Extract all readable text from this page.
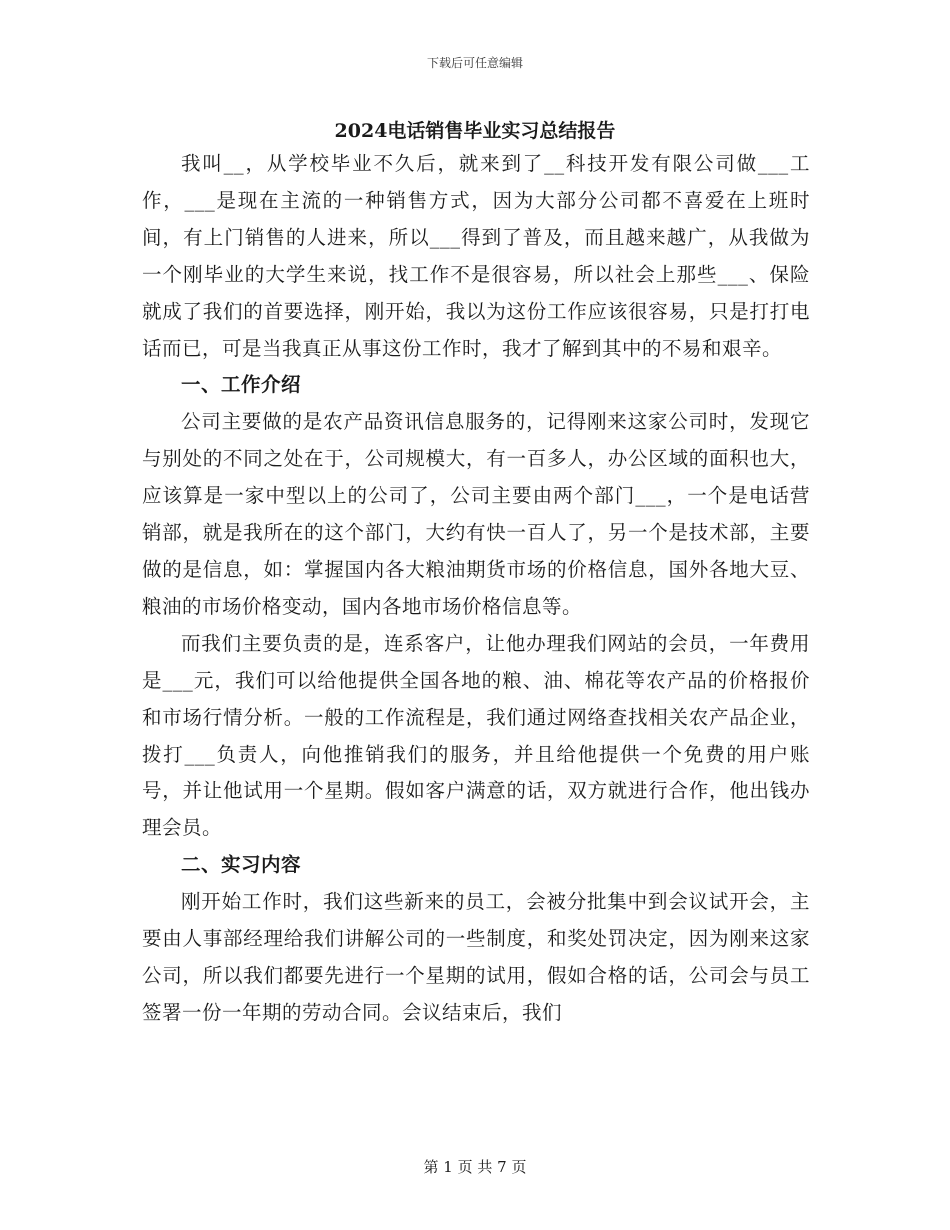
下载后可任意编辑
2024电话销售毕业实习总结报告

我叫__，从学校毕业不久后，就来到了__科技开发有限公司做___工作，___是现在主流的一种销售方式，因为大部分公司都不喜爱在上班时间，有上门销售的人进来，所以___得到了普及，而且越来越广，从我做为一个刚毕业的大学生来说，找工作不是很容易，所以社会上那些___、保险就成了我们的首要选择，刚开始，我以为这份工作应该很容易，只是打打电话而已，可是当我真正从事这份工作时，我才了解到其中的不易和艰辛。

一、工作介绍

公司主要做的是农产品资讯信息服务的，记得刚来这家公司时，发现它与别处的不同之处在于，公司规模大，有一百多人，办公区域的面积也大，应该算是一家中型以上的公司了，公司主要由两个部门___，一个是电话营销部，就是我所在的这个部门，大约有快一百人了，另一个是技术部，主要做的是信息，如：掌握国内各大粮油期货市场的价格信息，国外各地大豆、粮油的市场价格变动，国内各地市场价格信息等。

而我们主要负责的是，连系客户，让他办理我们网站的会员，一年费用是___元，我们可以给他提供全国各地的粮、油、棉花等农产品的价格报价和市场行情分析。一般的工作流程是，我们通过网络查找相关农产品企业，拨打___负责人，向他推销我们的服务，并且给他提供一个免费的用户账号，并让他试用一个星期。假如客户满意的话，双方就进行合作，他出钱办理会员。

二、实习内容

刚开始工作时，我们这些新来的员工，会被分批集中到会议试开会，主要由人事部经理给我们讲解公司的一些制度，和奖处罚决定，因为刚来这家公司，所以我们都要先进行一个星期的试用，假如合格的话，公司会与员工签署一份一年期的劳动合同。会议结束后，我们

第 1 页 共 7 页
